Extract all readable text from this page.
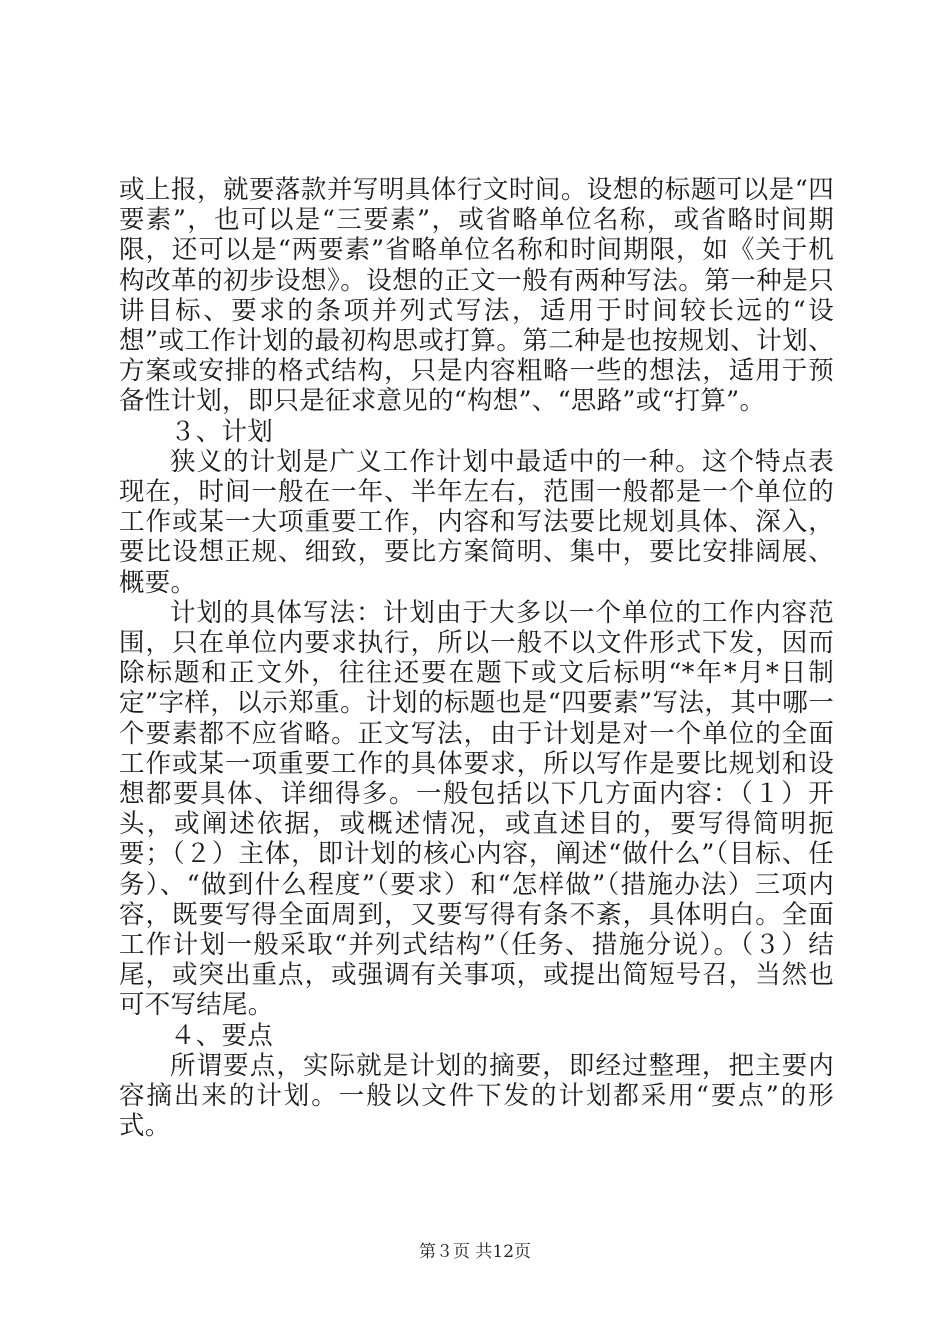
或上报，就要落款并写明具体行文时间。设想的标题可以是“四要素”，也可以是“三要素”，或省略单位名称，或省略时间期限，还可以是“两要素”省略单位名称和时间期限，如《关于机构改革的初步设想》。设想的正文一般有两种写法。第一种是只讲目标、要求的条项并列式写法，适用于时间较长远的“设想”或工作计划的最初构思或打算。第二种是也按规划、计划、方案或安排的格式结构，只是内容粗略一些的想法，适用于预备性计划，即只是征求意见的“构想”、“思路”或“打算”。

３、计划

狭义的计划是广义工作计划中最适中的一种。这个特点表现在，时间一般在一年、半年左右，范围一般都是一个单位的工作或某一大项重要工作，内容和写法要比规划具体、深入，要比设想正规、细致，要比方案简明、集中，要比安排阔展、概要。

计划的具体写法：计划由于大多以一个单位的工作内容范围，只在单位内要求执行，所以一般不以文件形式下发，因而除标题和正文外，往往还要在题下或文后标明“*年*月*日制定”字样，以示郑重。计划的标题也是“四要素”写法，其中哪一个要素都不应省略。正文写法，由于计划是对一个单位的全面工作或某一项重要工作的具体要求，所以写作是要比规划和设想都要具体、详细得多。一般包括以下几方面内容：（１）开头，或阐述依据，或概述情况，或直述目的，要写得简明扼要；（２）主体，即计划的核心内容，阐述“做什么”（目标、任务）、“做到什么程度”（要求）和“怎样做”（措施办法）三项内容，既要写得全面周到，又要写得有条不紊，具体明白。全面工作计划一般采取“并列式结构”（任务、措施分说）。（３）结尾，或突出重点，或强调有关事项，或提出简短号召，当然也可不写结尾。

４、要点

所谓要点，实际就是计划的摘要，即经过整理，把主要内容摘出来的计划。一般以文件下发的计划都采用“要点”的形式。

第３页 共12页
